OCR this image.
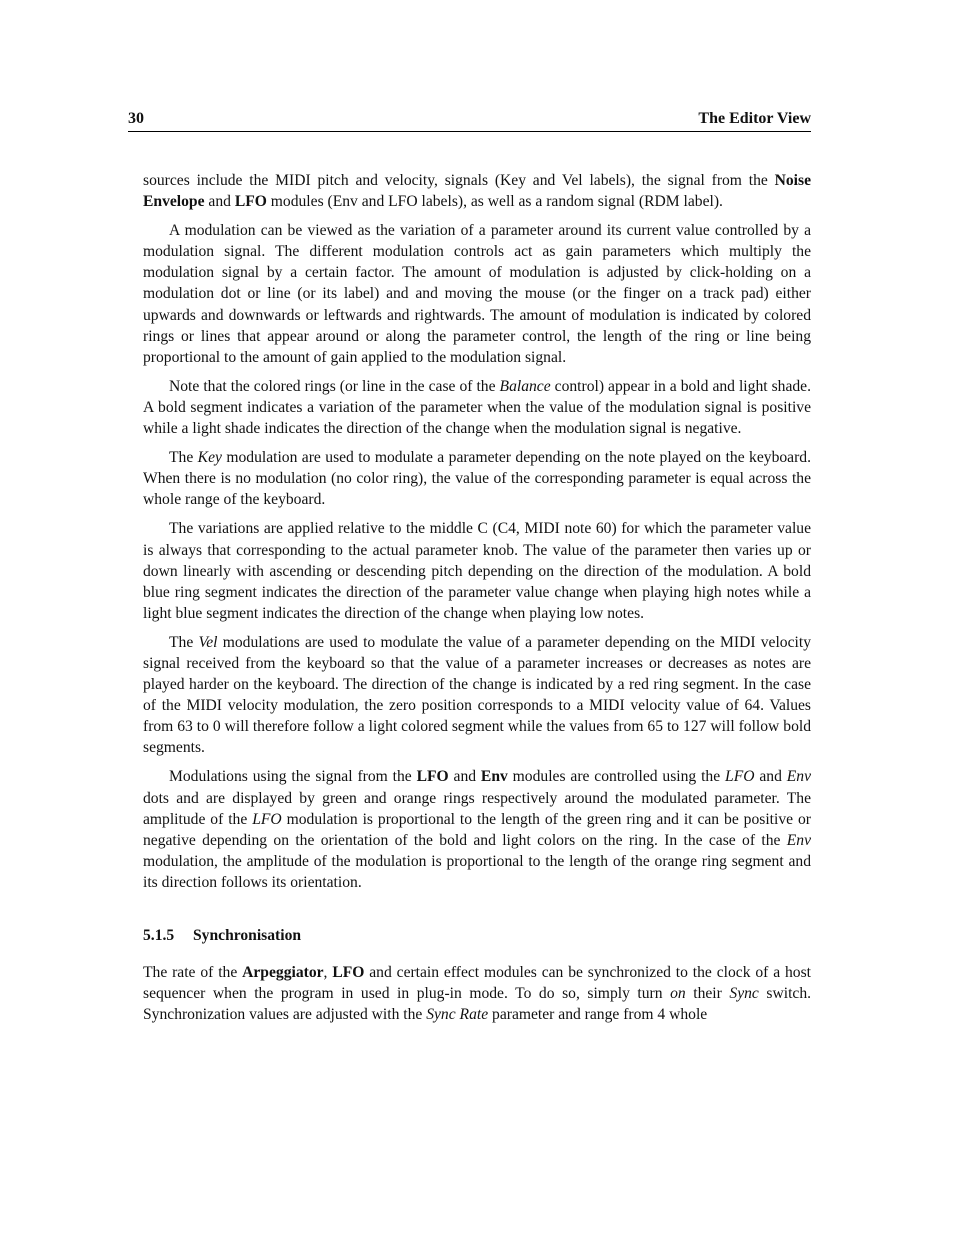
30	The Editor View

sources include the MIDI pitch and velocity, signals (Key and Vel labels), the signal from the Noise Envelope and LFO modules (Env and LFO labels), as well as a random signal (RDM label).

A modulation can be viewed as the variation of a parameter around its current value controlled by a modulation signal. The different modulation controls act as gain parameters which multiply the modulation signal by a certain factor. The amount of modulation is adjusted by click-holding on a modulation dot or line (or its label) and and moving the mouse (or the finger on a track pad) either upwards and downwards or leftwards and rightwards. The amount of modulation is indicated by colored rings or lines that appear around or along the parameter control, the length of the ring or line being proportional to the amount of gain applied to the modulation signal.

Note that the colored rings (or line in the case of the Balance control) appear in a bold and light shade. A bold segment indicates a variation of the parameter when the value of the modulation signal is positive while a light shade indicates the direction of the change when the modulation signal is negative.

The Key modulation are used to modulate a parameter depending on the note played on the keyboard. When there is no modulation (no color ring), the value of the corresponding parameter is equal across the whole range of the keyboard.

The variations are applied relative to the middle C (C4, MIDI note 60) for which the parameter value is always that corresponding to the actual parameter knob. The value of the parameter then varies up or down linearly with ascending or descending pitch depending on the direction of the modulation. A bold blue ring segment indicates the direction of the parameter value change when playing high notes while a light blue segment indicates the direction of the change when playing low notes.

The Vel modulations are used to modulate the value of a parameter depending on the MIDI velocity signal received from the keyboard so that the value of a parameter increases or decreases as notes are played harder on the keyboard. The direction of the change is indicated by a red ring segment. In the case of the MIDI velocity modulation, the zero position corresponds to a MIDI velocity value of 64. Values from 63 to 0 will therefore follow a light colored segment while the values from 65 to 127 will follow bold segments.

Modulations using the signal from the LFO and Env modules are controlled using the LFO and Env dots and are displayed by green and orange rings respectively around the modulated parameter. The amplitude of the LFO modulation is proportional to the length of the green ring and it can be positive or negative depending on the orientation of the bold and light colors on the ring. In the case of the Env modulation, the amplitude of the modulation is proportional to the length of the orange ring segment and its direction follows its orientation.

5.1.5 Synchronisation

The rate of the Arpeggiator, LFO and certain effect modules can be synchronized to the clock of a host sequencer when the program in used in plug-in mode. To do so, simply turn on their Sync switch. Synchronization values are adjusted with the Sync Rate parameter and range from 4 whole
